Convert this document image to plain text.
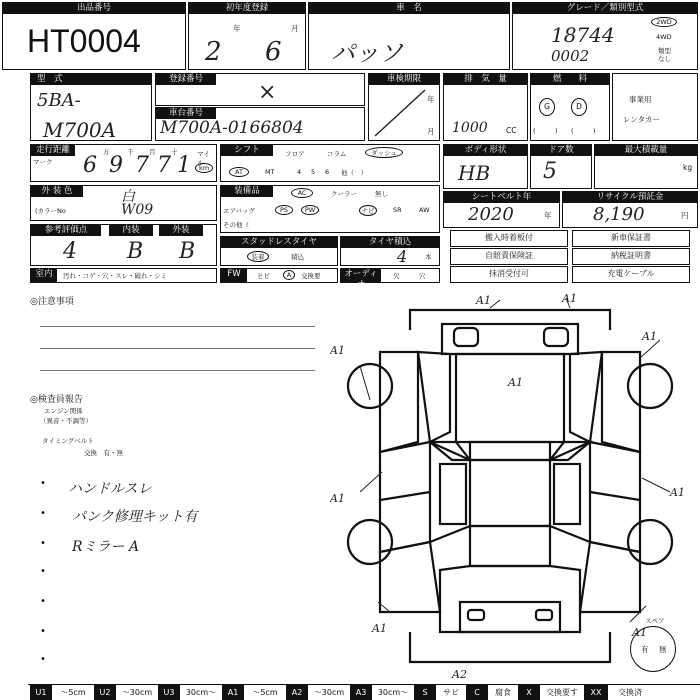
出品番号
HT0004
初年度登録
年	月
2 6
車　名
パッソ
グレード／類別型式
18744
0002
2WD
4WD
類型
なし
型　式
5BA-
M700A
登録番号
×
車台番号
M700A-0166804
車検期限
年
月
排　気　量
1000 CC
燃　　料
G	D
(　　　) (　　　)
事業用
レンタカー
走行距離
マーク 6 9 7 7 1
万	千 百 十	マイル
km
シフト	フロア	コラム	ダッシュ
AT	MT	4 5 6 他（　）
ボディ形状
HB
ドア数
5
最大積載量
kg
外 装 色	白
(カラーNo	W09
装備品	AC	クーラー	無し
エアバッグ	PS	PW	ナビ	SR	AW
その他（
シートベルト年
2020	年
リサイクル預託金
8,190	円
参考評価点	内装	外装
4 B B	スタッドレスタイヤ
装着	積込
タイヤ積込
4	本
搬入時着板付	新車保証書
自賠責保険証	納税証明書
抹消受付可	充電ケーブル
室内	汚れ・コゲ・穴・スレ・破れ・シミ	FW	ヒビ	A	交換要	オーディオ
欠	穴
◎注意事項
◎検査員報告
エンジン関係
（異音・不調等）
タイミングベルト
交換　有・無
• ハンドルスレ
• パンク修理キット有
• Rミラー A
•
•
•
•
A1	A1
A1
A1
A1
A1	A1
A1	A1
A2
スペア
有 無
U1	〜5cm	U2	〜30cm	U3	30cm〜	A1	〜5cm	A2	〜30cm	A3	30cm〜	S	サビ	C	腐食	X	交換要す	XX	交換済
